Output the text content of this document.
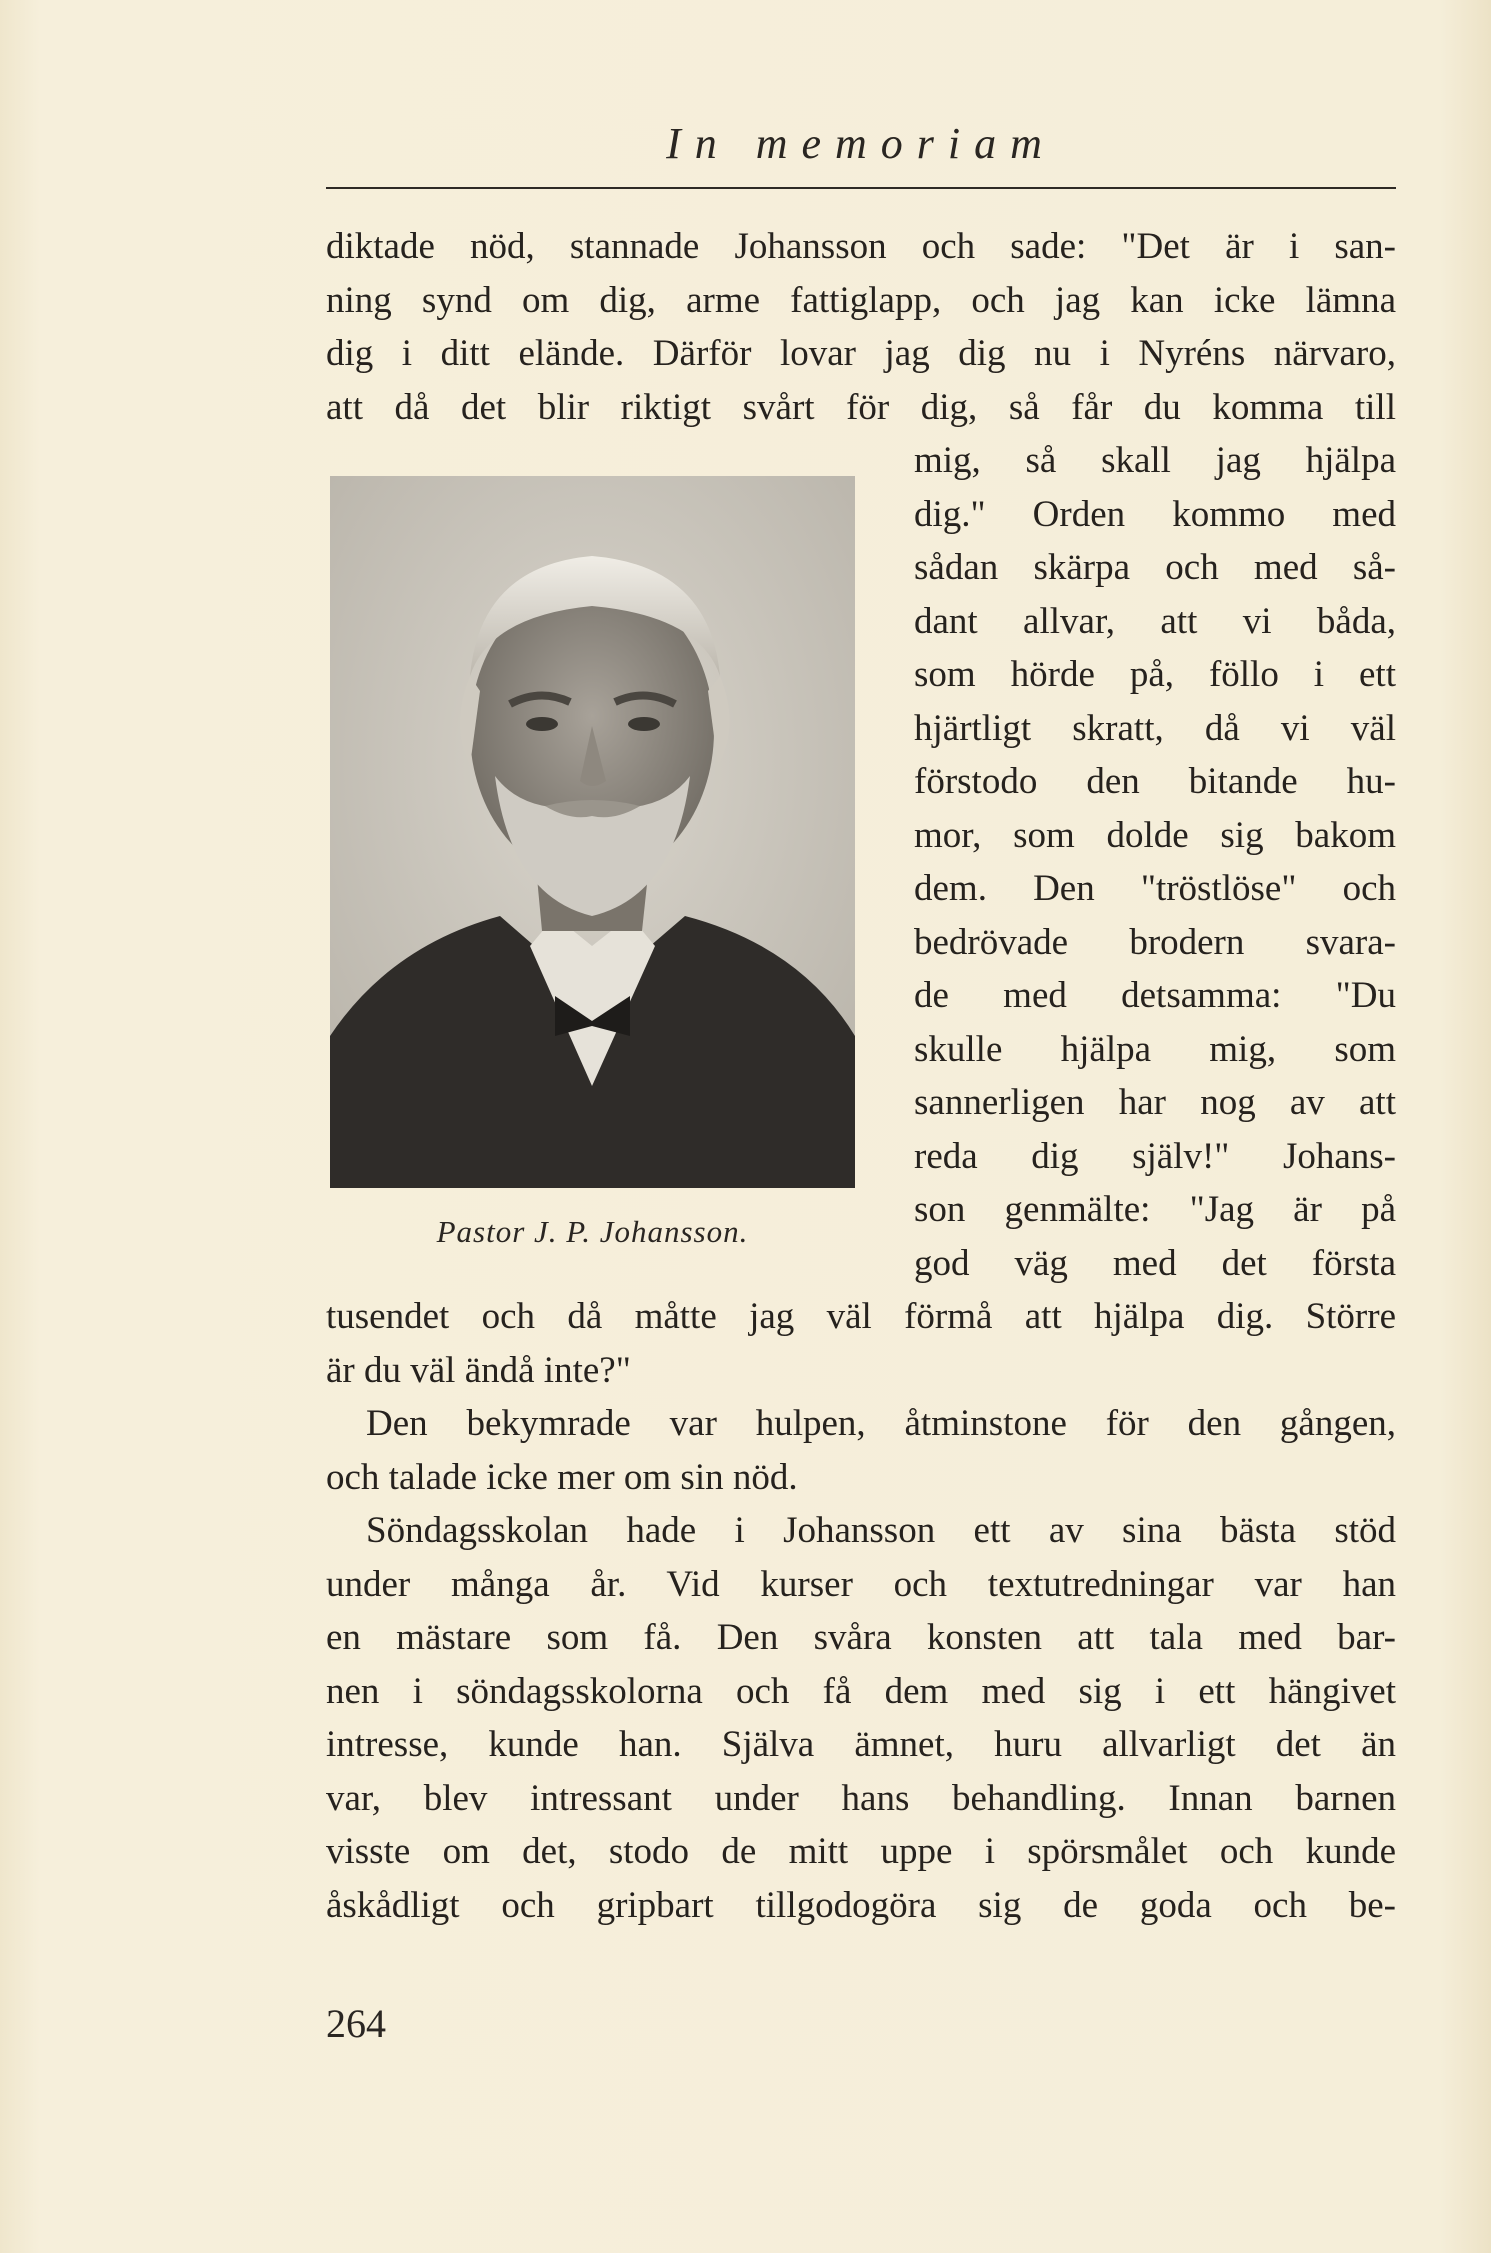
In memoriam
Pastor J. P. Johansson.
diktade nöd, stannade Johansson och sade: "Det är i san-
ning synd om dig, arme fattiglapp, och jag kan icke lämna
dig i ditt elände. Därför lovar jag dig nu i Nyréns närvaro,
att då det blir riktigt svårt för dig, så får du komma till
mig, så skall jag hjälpa
dig." Orden kommo med
sådan skärpa och med så-
dant allvar, att vi båda,
som hörde på, föllo i ett
hjärtligt skratt, då vi väl
förstodo den bitande hu-
mor, som dolde sig bakom
dem. Den "tröstlöse" och
bedrövade brodern svara-
de med detsamma: "Du
skulle hjälpa mig, som
sannerligen har nog av att
reda dig själv!" Johans-
son genmälte: "Jag är på
god väg med det första
tusendet och då måtte jag väl förmå att hjälpa dig. Större
är du väl ändå inte?"
Den bekymrade var hulpen, åtminstone för den gången,
och talade icke mer om sin nöd.
Söndagsskolan hade i Johansson ett av sina bästa stöd
under många år. Vid kurser och textutredningar var han
en mästare som få. Den svåra konsten att tala med bar-
nen i söndagsskolorna och få dem med sig i ett hängivet
intresse, kunde han. Själva ämnet, huru allvarligt det än
var, blev intressant under hans behandling. Innan barnen
visste om det, stodo de mitt uppe i spörsmålet och kunde
åskådligt och gripbart tillgodogöra sig de goda och be-
264
